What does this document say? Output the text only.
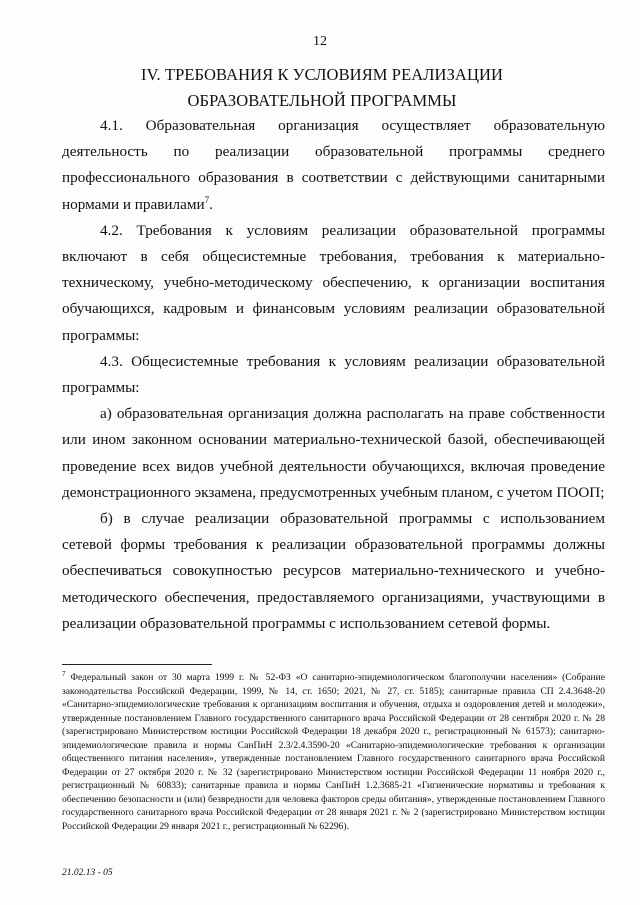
12
IV. ТРЕБОВАНИЯ К УСЛОВИЯМ РЕАЛИЗАЦИИ ОБРАЗОВАТЕЛЬНОЙ ПРОГРАММЫ

4.1. Образовательная организация осуществляет образовательную деятельность по реализации образовательной программы среднего профессионального образования в соответствии с действующими санитарными нормами и правилами$^7$.

4.2. Требования к условиям реализации образовательной программы включают в себя общесистемные требования, требования к материально-техническому, учебно-методическому обеспечению, к организации воспитания обучающихся, кадровым и финансовым условиям реализации образовательной программы:

4.3. Общесистемные требования к условиям реализации образовательной программы:

а) образовательная организация должна располагать на праве собственности или ином законном основании материально-технической базой, обеспечивающей проведение всех видов учебной деятельности обучающихся, включая проведение демонстрационного экзамена, предусмотренных учебным планом, с учетом ПООП;

б) в случае реализации образовательной программы с использованием сетевой формы требования к реализации образовательной программы должны обеспечиваться совокупностью ресурсов материально-технического и учебно-методического обеспечения, предоставляемого организациями, участвующими в реализации образовательной программы с использованием сетевой формы.

$^7$ Федеральный закон от 30 марта 1999 г. № 52-ФЗ «О санитарно-эпидемиологическом благополучии населения» (Собрание законодательства Российской Федерации, 1999, № 14, ст. 1650; 2021, № 27, ст. 5185); санитарные правила СП 2.4.3648-20 «Санитарно-эпидемиологические требования к организациям воспитания и обучения, отдыха и оздоровления детей и молодежи», утвержденные постановлением Главного государственного санитарного врача Российской Федерации от 28 сентября 2020 г. № 28 (зарегистрировано Министерством юстиции Российской Федерации 18 декабря 2020 г., регистрационный № 61573); санитарно-эпидемиологические правила и нормы СанПиН 2.3/2.4.3590-20 «Санитарно-эпидемиологические требования к организации общественного питания населения», утвержденные постановлением Главного государственного санитарного врача Российской Федерации от 27 октября 2020 г. № 32 (зарегистрировано Министерством юстиции Российской Федерации 11 ноября 2020 г., регистрационный № 60833); санитарные правила и нормы СанПиН 1.2.3685-21 «Гигиенические нормативы и требования к обеспечению безопасности и (или) безвредности для человека факторов среды обитания», утвержденные постановлением Главного государственного санитарного врача Российской Федерации от 28 января 2021 г. № 2 (зарегистрировано Министерством юстиции Российской Федерации 29 января 2021 г., регистрационный № 62296).
21.02.13 - 05
